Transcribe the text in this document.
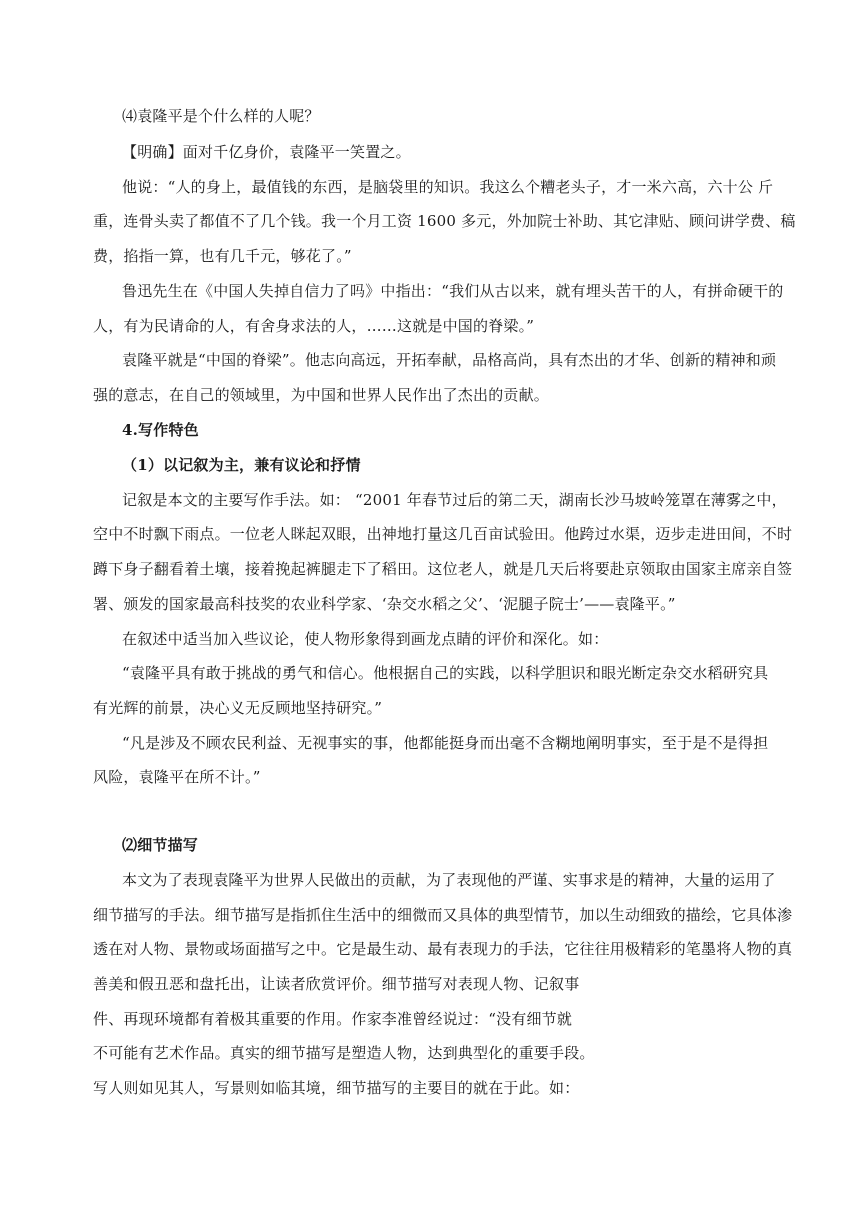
⑷袁隆平是个什么样的人呢？
【明确】面对千亿身价，袁隆平一笑置之。
他说：“人的身上，最值钱的东西，是脑袋里的知识。我这么个糟老头子，才一米六高，六十公 斤
重，连骨头卖了都值不了几个钱。我一个月工资 1600 多元，外加院士补助、其它津贴、顾问讲学费、稿
费，掐指一算，也有几千元，够花了。”
鲁迅先生在《中国人失掉自信力了吗》中指出：“我们从古以来，就有埋头苦干的人，有拼命硬干的
人，有为民请命的人，有舍身求法的人，……这就是中国的脊梁。”
袁隆平就是“中国的脊梁”。他志向高远，开拓奉献，品格高尚，具有杰出的才华、创新的精神和顽
强的意志，在自己的领域里，为中国和世界人民作出了杰出的贡献。
4.写作特色
（1）以记叙为主，兼有议论和抒情
记叙是本文的主要写作手法。如： “2001 年春节过后的第二天，湖南长沙马坡岭笼罩在薄雾之中，
空中不时飘下雨点。一位老人眯起双眼，出神地打量这几百亩试验田。他跨过水渠，迈步走进田间，不时
蹲下身子翻看着土壤，接着挽起裤腿走下了稻田。这位老人，就是几天后将要赴京领取由国家主席亲自签
署、颁发的国家最高科技奖的农业科学家、‘杂交水稻之父’、‘泥腿子院士’——袁隆平。”
在叙述中适当加入些议论，使人物形象得到画龙点睛的评价和深化。如：
“袁隆平具有敢于挑战的勇气和信心。他根据自己的实践，以科学胆识和眼光断定杂交水稻研究具
有光辉的前景，决心义无反顾地坚持研究。”
“凡是涉及不顾农民利益、无视事实的事，他都能挺身而出毫不含糊地阐明事实，至于是不是得担
风险，袁隆平在所不计。”
⑵细节描写
本文为了表现袁隆平为世界人民做出的贡献，为了表现他的严谨、实事求是的精神，大量的运用了
细节描写的手法。细节描写是指抓住生活中的细微而又具体的典型情节，加以生动细致的描绘，它具体渗
透在对人物、景物或场面描写之中。它是最生动、最有表现力的手法，它往往用极精彩的笔墨将人物的真
善美和假丑恶和盘托出，让读者欣赏评价。细节描写对表现人物、记叙事
件、再现环境都有着极其重要的作用。作家李准曾经说过：“没有细节就
不可能有艺术作品。真实的细节描写是塑造人物，达到典型化的重要手段。
写人则如见其人，写景则如临其境，细节描写的主要目的就在于此。如：
